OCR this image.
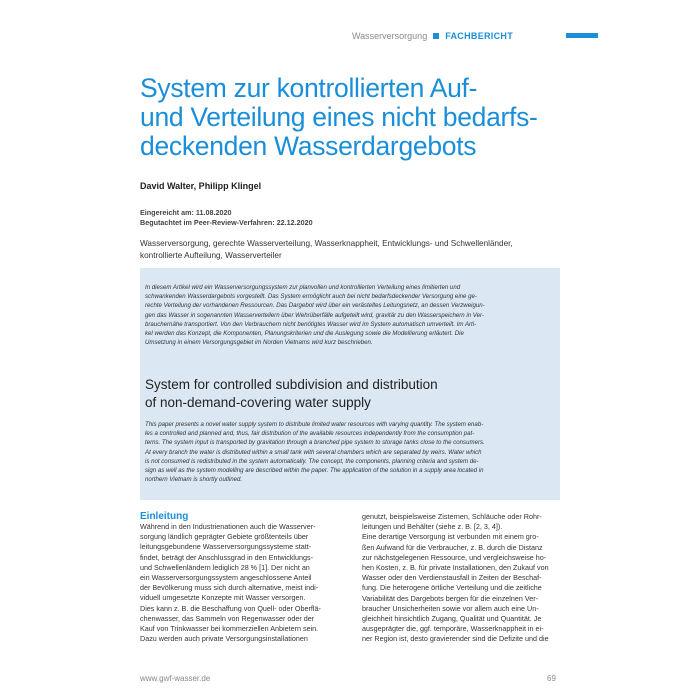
Wasserversorgung FACHBERICHT
System zur kontrollierten Auf-
und Verteilung eines nicht bedarfs-
deckenden Wasserdargebots
David Walter, Philipp Klingel
Eingereicht am: 11.08.2020
Begutachtet im Peer-Review-Verfahren: 22.12.2020
Wasserversorgung, gerechte Wasserverteilung, Wasserknappheit, Entwicklungs- und Schwellenländer,
kontrollierte Aufteilung, Wasserverteiler
In diesem Artikel wird ein Wasserversorgungssystem zur planvollen und kontrollierten Verteilung eines limitierten und
schwankenden Wasserdargebots vorgestellt. Das System ermöglicht auch bei nicht bedarfsdeckender Versorgung eine ge-
rechte Verteilung der vorhandenen Ressourcen. Das Dargebot wird über ein verästeltes Leitungsnetz, an dessen Verzweigun-
gen das Wasser in sogenannten Wasserverteilern über Wehrüberfälle aufgeteilt wird, gravitär zu den Wasserspeichern in Ver-
brauchernähe transportiert. Von den Verbrauchern nicht benötigtes Wasser wird im System automatisch umverteilt. Im Arti-
kel werden das Konzept, die Komponenten, Planungskriterien und die Auslegung sowie die Modellierung erläutert. Die
Umsetzung in einem Versorgungsgebiet im Norden Vietnams wird kurz beschrieben.
System for controlled subdivision and distribution
of non-demand-covering water supply
This paper presents a novel water supply system to distribute limited water resources with varying quantity. The system enab-
les a controlled and planned and, thus, fair distribution of the available resources independently from the consumption pat-
terns. The system input is transported by gravitation through a branched pipe system to storage tanks close to the consumers.
At every branch the water is distributed within a small tank with several chambers which are separated by weirs. Water which
is not consumed is redistributed in the system automatically. The concept, the components, planning criteria and system de-
sign as well as the system modelling are described within the paper. The application of the solution in a supply area located in
northern Vietnam is shortly outlined.
Einleitung
Während in den Industrienationen auch die Wasserver-
sorgung ländlich geprägter Gebiete größtenteils über
leitungsgebundene Wasserversorgungssysteme statt-
findet, beträgt der Anschlussgrad in den Entwicklungs-
und Schwellenländern lediglich 28 % [1]. Der nicht an
ein Wasserversorgungssystem angeschlossene Anteil
der Bevölkerung muss sich durch alternative, meist indi-
viduell umgesetzte Konzepte mit Wasser versorgen.
Dies kann z. B. die Beschaffung von Quell- oder Oberflä-
chenwasser, das Sammeln von Regenwasser oder der
Kauf von Trinkwasser bei kommerziellen Anbietern sein.
Dazu werden auch private Versorgungsinstallationen
genutzt, beispielsweise Zisternen, Schläuche oder Rohr-
leitungen und Behälter (siehe z. B. [2, 3, 4]).
Eine derartige Versorgung ist verbunden mit einem gro-
ßen Aufwand für die Verbraucher, z. B. durch die Distanz
zur nächstgelegenen Ressource, und vergleichsweise ho-
hen Kosten, z. B. für private Installationen, den Zukauf von
Wasser oder den Verdienstausfall in Zeiten der Beschaf-
fung. Die heterogene örtliche Verteilung und die zeitliche
Variabilität des Dargebots bergen für die einzelnen Ver-
braucher Unsicherheiten sowie vor allem auch eine Un-
gleichheit hinsichtlich Zugang, Qualität und Quantität. Je
ausgeprägter die, ggf. temporäre, Wasserknappheit in ei-
ner Region ist, desto gravierender sind die Defizite und die
www.gwf-wasser.de	69
